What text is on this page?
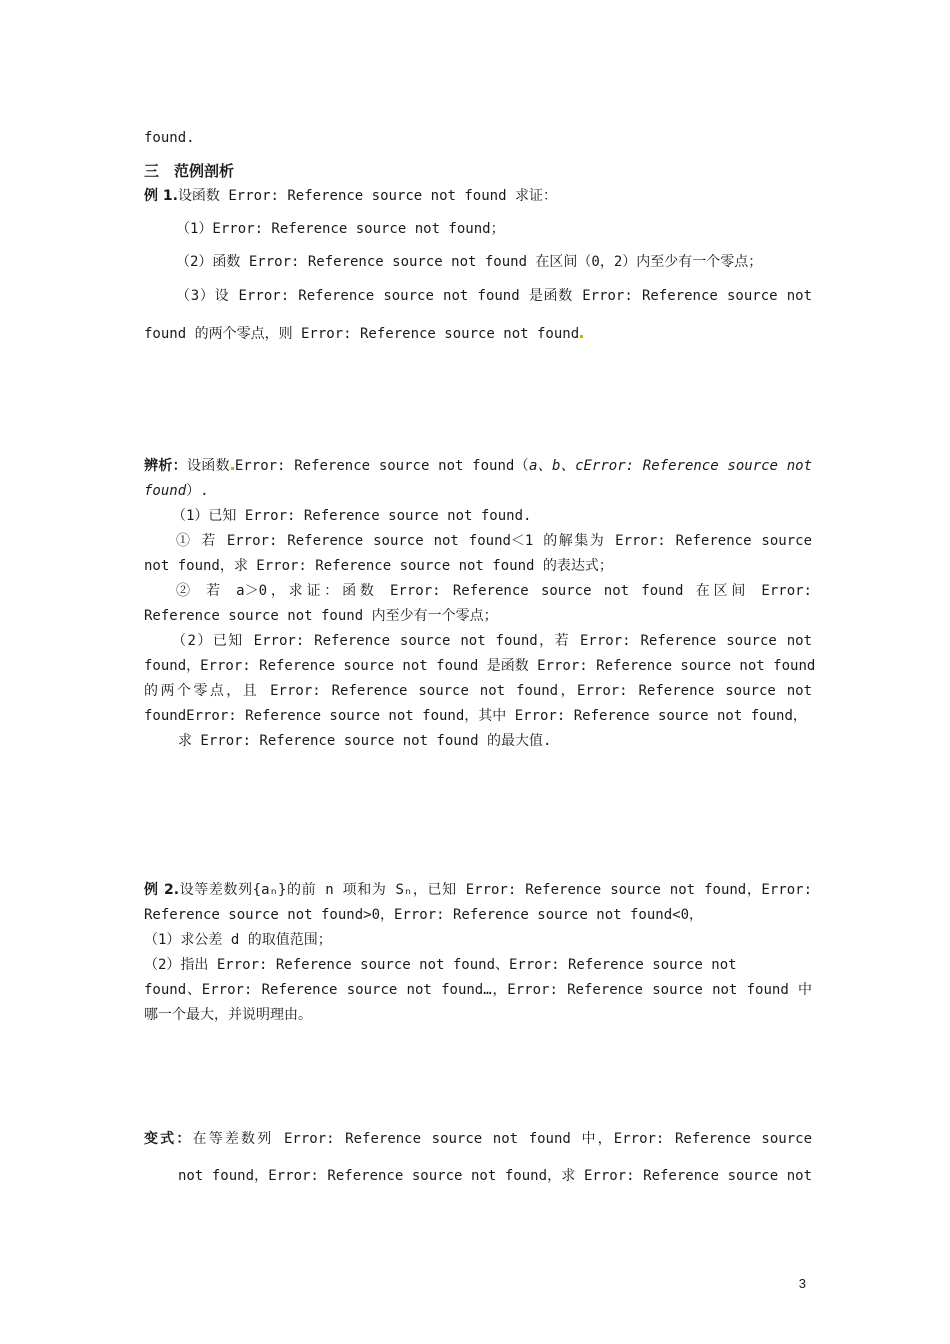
found.
三　范例剖析
例 1.设函数 Error: Reference source not found 求证：
（1）Error: Reference source not found；
（2）函数 Error: Reference source not found 在区间（0，2）内至少有一个零点；
（3）设 Error: Reference source not found 是函数 Error: Reference source not
found 的两个零点，则 Error: Reference source not found
辨析：设函数 Error: Reference source not found（a、b、cError: Reference source not
found）.
（1）已知 Error: Reference source not found.
① 若 Error: Reference source not found＜1 的解集为 Error: Reference source
not found，求 Error: Reference source not found 的表达式；
② 若 a＞0，求证：函数 Error: Reference source not found 在区间 Error:
Reference source not found 内至少有一个零点；
（2）已知 Error: Reference source not found，若 Error: Reference source not
found，Error: Reference source not found 是函数 Error: Reference source not found
的两个零点，且 Error: Reference source not found，Error: Reference source not
foundError: Reference source not found，其中 Error: Reference source not found，
求 Error: Reference source not found 的最大值.
例 2.设等差数列{aₙ}的前 n 项和为 Sₙ，已知 Error: Reference source not found，Error:
Reference source not found>0，Error: Reference source not found<0，
（1）求公差 d 的取值范围；
（2）指出 Error: Reference source not found、Error: Reference source not
found、Error: Reference source not found…，Error: Reference source not found 中
哪一个最大，并说明理由。
变式：在等差数列 Error: Reference source not found 中，Error: Reference source
not found，Error: Reference source not found，求 Error: Reference source not
3
